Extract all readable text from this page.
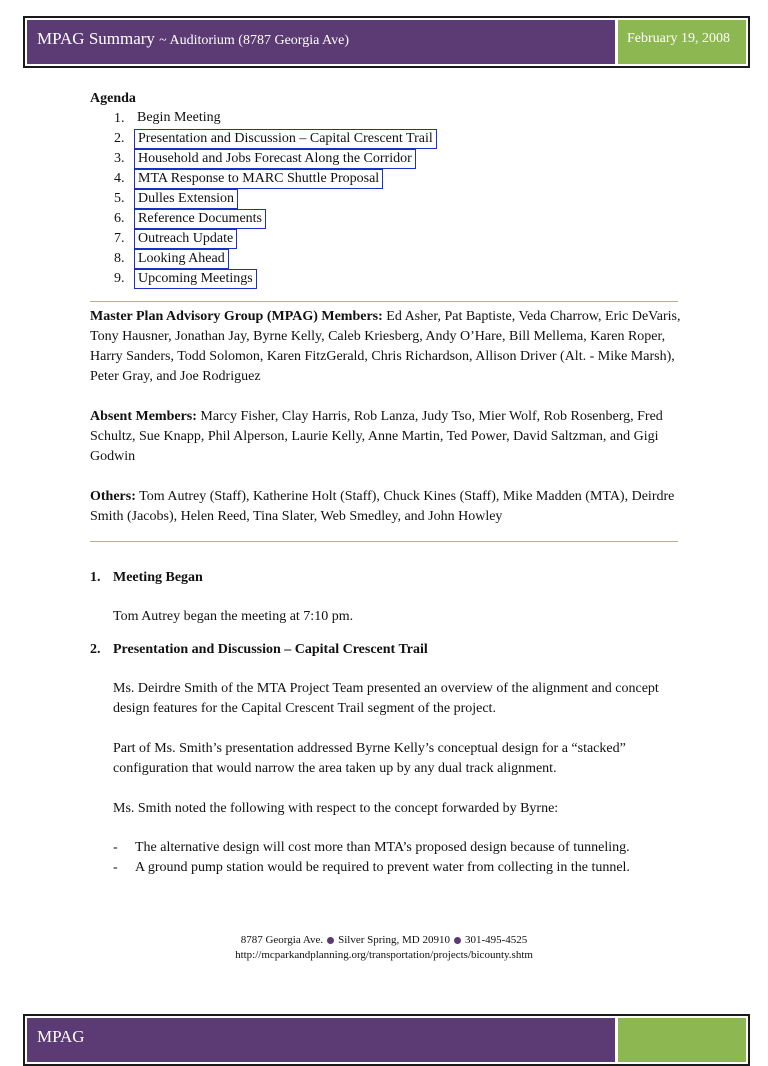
MPAG Summary ~ Auditorium (8787 Georgia Ave)	February 19, 2008
Agenda
1. Begin Meeting
2. Presentation and Discussion – Capital Crescent Trail
3. Household and Jobs Forecast Along the Corridor
4. MTA Response to MARC Shuttle Proposal
5. Dulles Extension
6. Reference Documents
7. Outreach Update
8. Looking Ahead
9. Upcoming Meetings
Master Plan Advisory Group (MPAG) Members: Ed Asher, Pat Baptiste, Veda Charrow, Eric DeVaris, Tony Hausner, Jonathan Jay, Byrne Kelly, Caleb Kriesberg, Andy O’Hare, Bill Mellema, Karen Roper, Harry Sanders, Todd Solomon, Karen FitzGerald, Chris Richardson, Allison Driver (Alt. - Mike Marsh), Peter Gray, and Joe Rodriguez
Absent Members: Marcy Fisher, Clay Harris, Rob Lanza, Judy Tso, Mier Wolf, Rob Rosenberg, Fred Schultz, Sue Knapp, Phil Alperson, Laurie Kelly, Anne Martin, Ted Power, David Saltzman, and Gigi Godwin
Others: Tom Autrey (Staff), Katherine Holt (Staff), Chuck Kines (Staff), Mike Madden (MTA), Deirdre Smith (Jacobs), Helen Reed, Tina Slater, Web Smedley, and John Howley
1. Meeting Began
Tom Autrey began the meeting at 7:10 pm.
2. Presentation and Discussion – Capital Crescent Trail
Ms. Deirdre Smith of the MTA Project Team presented an overview of the alignment and concept design features for the Capital Crescent Trail segment of the project.
Part of Ms. Smith’s presentation addressed Byrne Kelly’s conceptual design for a “stacked” configuration that would narrow the area taken up by any dual track alignment.
Ms. Smith noted the following with respect to the concept forwarded by Byrne:
- The alternative design will cost more than MTA’s proposed design because of tunneling.
- A ground pump station would be required to prevent water from collecting in the tunnel.
8787 Georgia Ave. Silver Spring, MD 20910 301-495-4525
http://mcparkandplanning.org/transportation/projects/bicounty.shtm
MPAG
